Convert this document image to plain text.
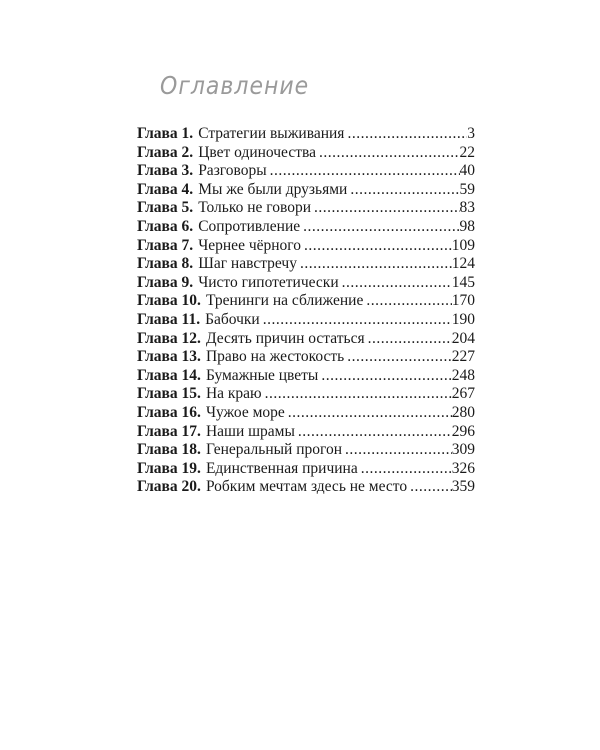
Оглавление
Глава 1. Стратегии выживания .....	3
Глава 2. Цвет одиночества .....	22
Глава 3. Разговоры .....	40
Глава 4. Мы же были друзьями .....	59
Глава 5. Только не говори .....	83
Глава 6. Сопротивление .....	98
Глава 7. Чернее чёрного .....	109
Глава 8. Шаг навстречу .....	124
Глава 9. Чисто гипотетически .....	145
Глава 10. Тренинги на сближение .....	170
Глава 11. Бабочки .....	190
Глава 12. Десять причин остаться .....	204
Глава 13. Право на жестокость .....	227
Глава 14. Бумажные цветы .....	248
Глава 15. На краю .....	267
Глава 16. Чужое море .....	280
Глава 17. Наши шрамы .....	296
Глава 18. Генеральный прогон .....	309
Глава 19. Единственная причина .....	326
Глава 20. Робким мечтам здесь не место .....	359
